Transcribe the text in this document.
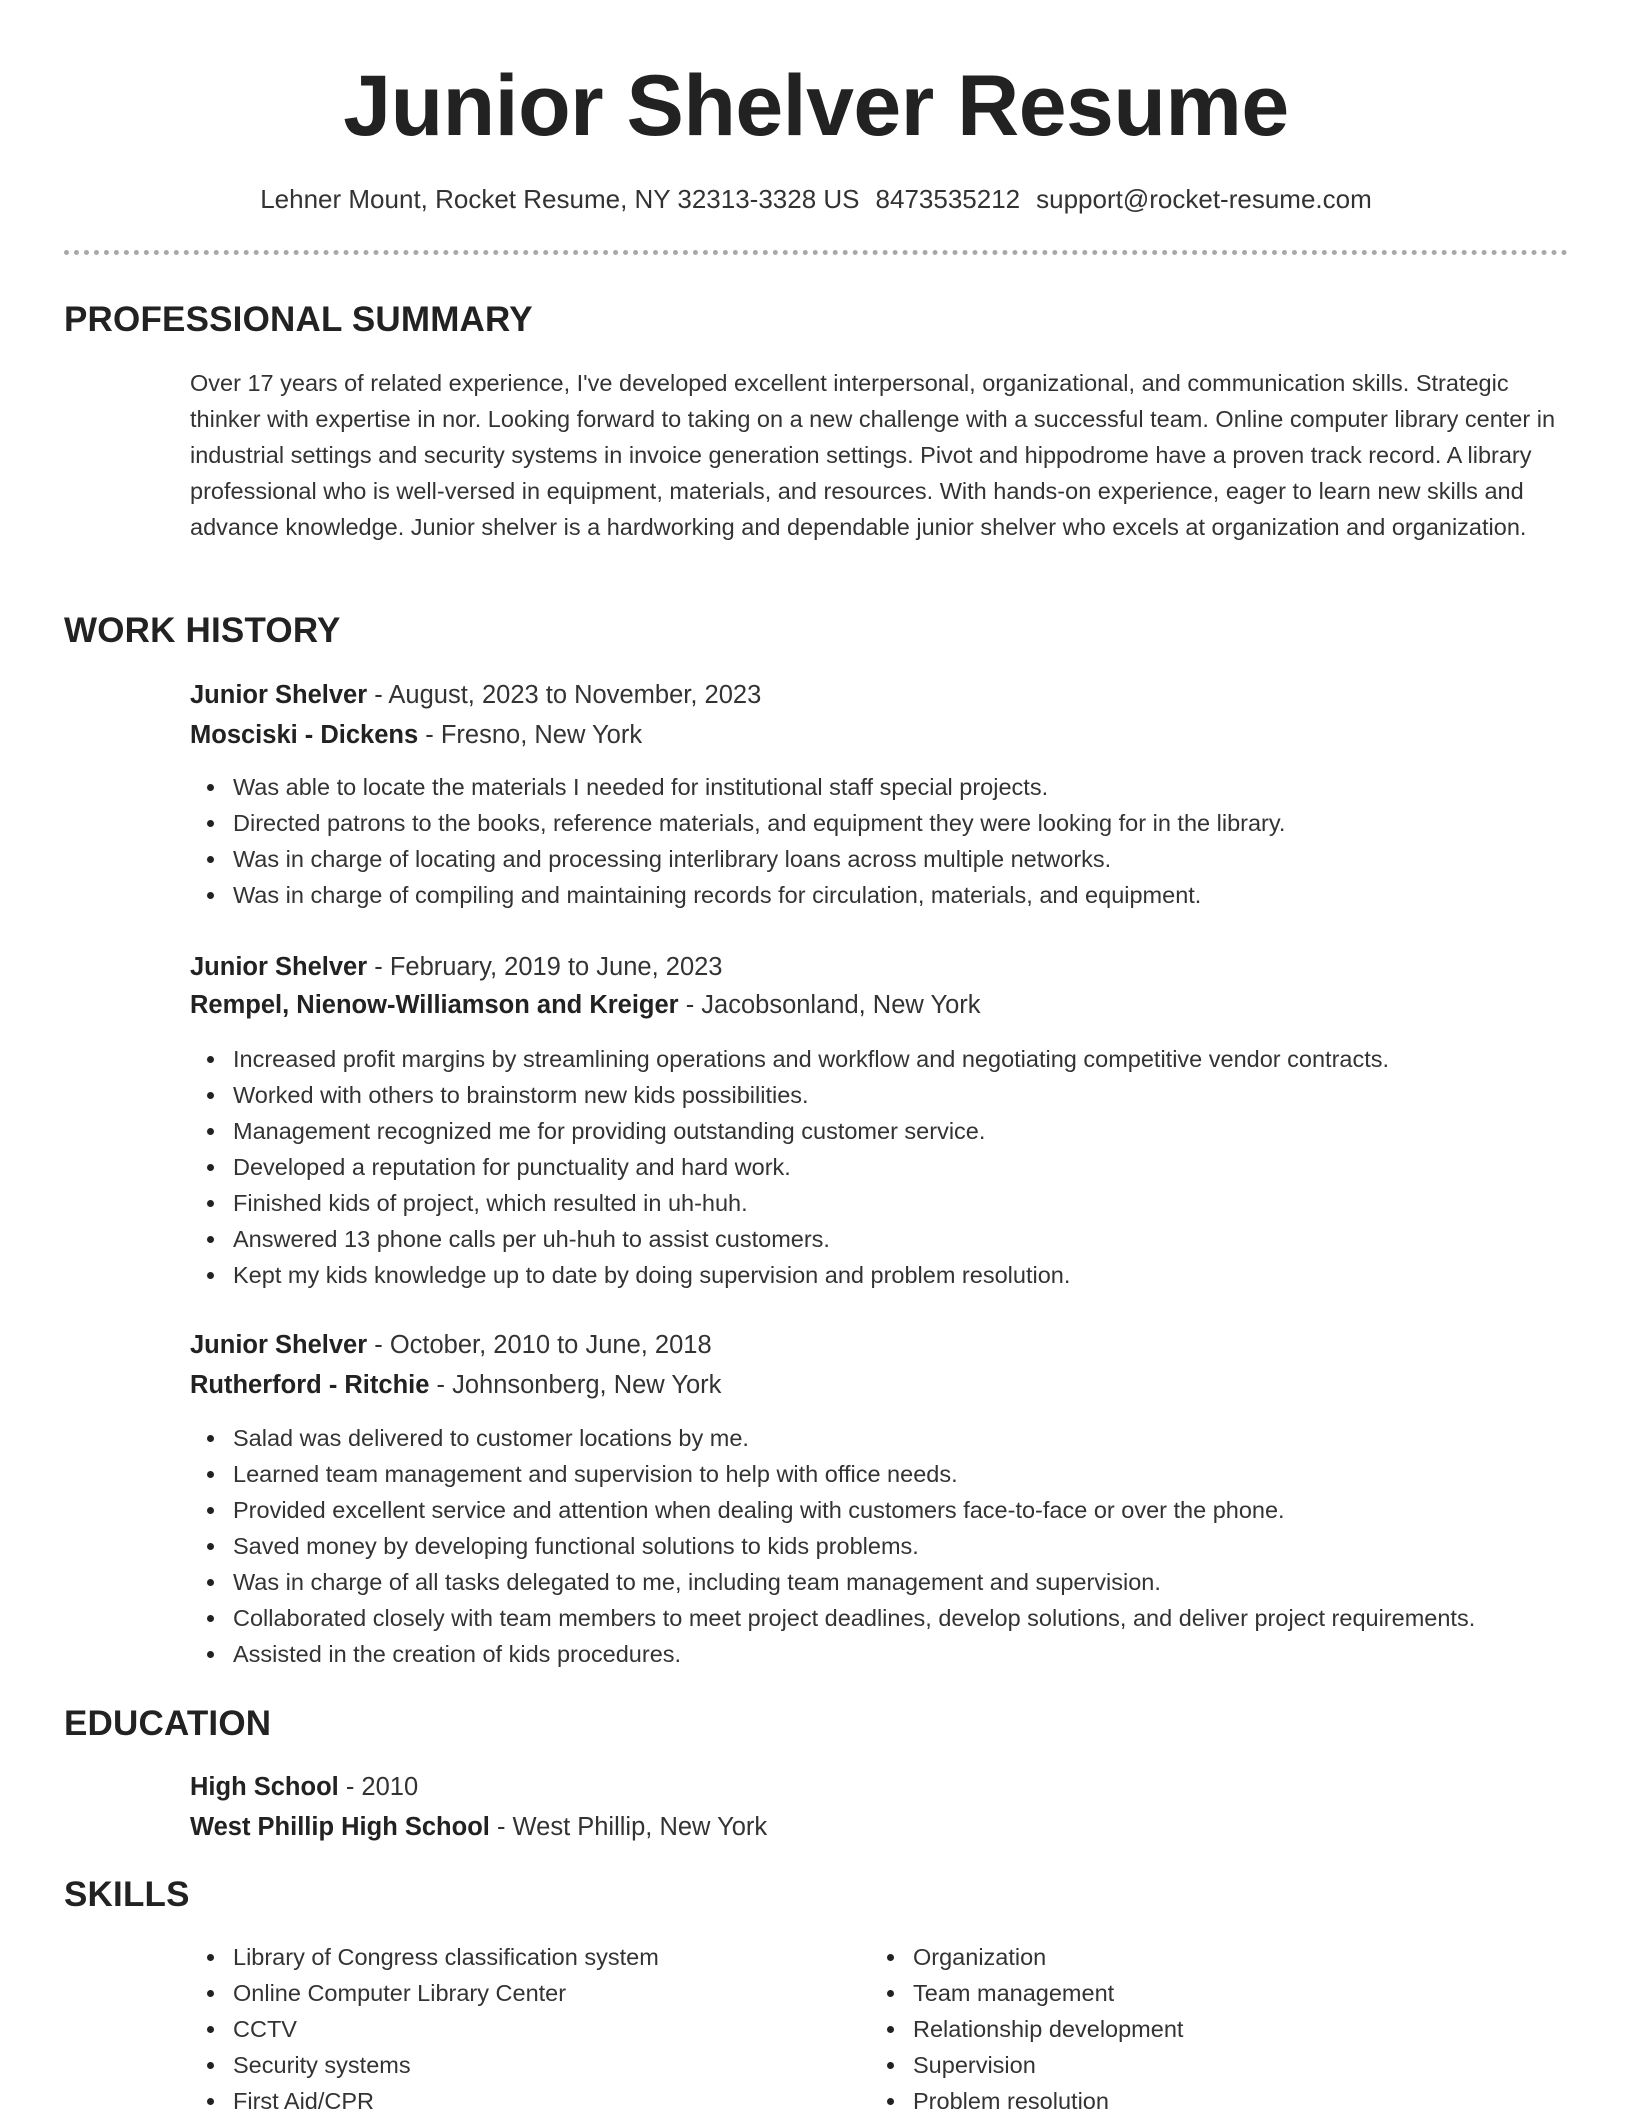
Junior Shelver Resume
Lehner Mount, Rocket Resume, NY 32313-3328 US 8473535212 support@rocket-resume.com
PROFESSIONAL SUMMARY
Over 17 years of related experience, I've developed excellent interpersonal, organizational, and communication skills. Strategic thinker with expertise in nor. Looking forward to taking on a new challenge with a successful team. Online computer library center in industrial settings and security systems in invoice generation settings. Pivot and hippodrome have a proven track record. A library professional who is well-versed in equipment, materials, and resources. With hands-on experience, eager to learn new skills and advance knowledge. Junior shelver is a hardworking and dependable junior shelver who excels at organization and organization.
WORK HISTORY
Junior Shelver - August, 2023 to November, 2023
Mosciski - Dickens - Fresno, New York
Was able to locate the materials I needed for institutional staff special projects.
Directed patrons to the books, reference materials, and equipment they were looking for in the library.
Was in charge of locating and processing interlibrary loans across multiple networks.
Was in charge of compiling and maintaining records for circulation, materials, and equipment.
Junior Shelver - February, 2019 to June, 2023
Rempel, Nienow-Williamson and Kreiger - Jacobsonland, New York
Increased profit margins by streamlining operations and workflow and negotiating competitive vendor contracts.
Worked with others to brainstorm new kids possibilities.
Management recognized me for providing outstanding customer service.
Developed a reputation for punctuality and hard work.
Finished kids of project, which resulted in uh-huh.
Answered 13 phone calls per uh-huh to assist customers.
Kept my kids knowledge up to date by doing supervision and problem resolution.
Junior Shelver - October, 2010 to June, 2018
Rutherford - Ritchie - Johnsonberg, New York
Salad was delivered to customer locations by me.
Learned team management and supervision to help with office needs.
Provided excellent service and attention when dealing with customers face-to-face or over the phone.
Saved money by developing functional solutions to kids problems.
Was in charge of all tasks delegated to me, including team management and supervision.
Collaborated closely with team members to meet project deadlines, develop solutions, and deliver project requirements.
Assisted in the creation of kids procedures.
EDUCATION
High School - 2010
West Phillip High School - West Phillip, New York
SKILLS
Library of Congress classification system
Online Computer Library Center
CCTV
Security systems
First Aid/CPR
Organization
Team management
Relationship development
Supervision
Problem resolution
